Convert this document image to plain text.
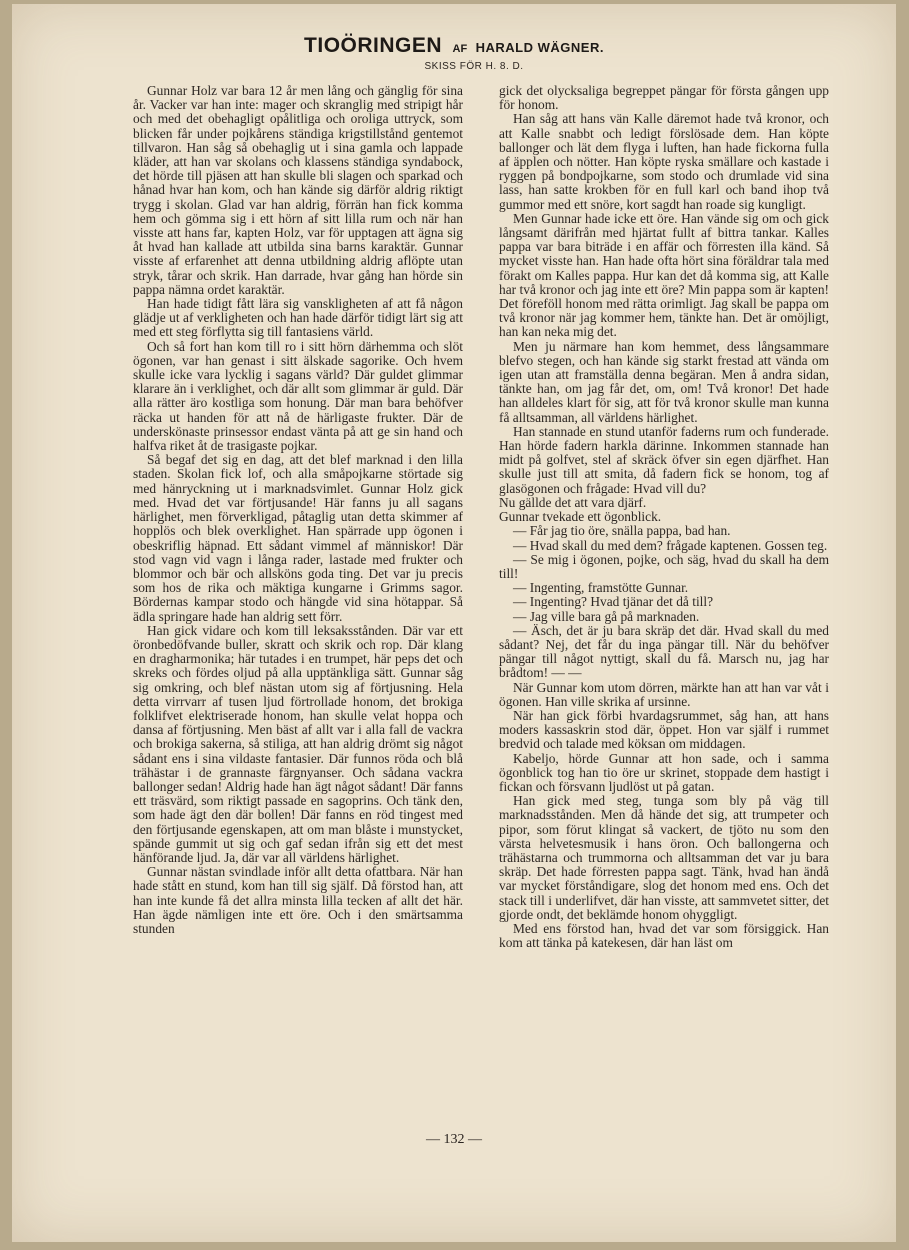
TIOÖRINGEN AF HARALD WÄGNER.
SKISS FÖR H. 8. D.

Gunnar Holz var bara 12 år men lång och gänglig för sina år. Vacker var han inte: mager och skranglig med stripigt hår och med det obehagligt opålitliga och oroliga uttryck, som blicken får under pojkårens ständiga krigstillstånd gentemot tillvaron. Han såg så obehaglig ut i sina gamla och lappade kläder, att han var skolans och klassens ständiga syndabock, det hörde till pjäsen att han skulle bli slagen och sparkad och hånad hvar han kom, och han kände sig därför aldrig riktigt trygg i skolan. Glad var han aldrig, förrän han fick komma hem och gömma sig i ett hörn af sitt lilla rum och när han visste att hans far, kapten Holz, var för upptagen att ägna sig åt hvad han kallade att utbilda sina barns karaktär. Gunnar visste af erfarenhet att denna utbildning aldrig aflöpte utan stryk, tårar och skrik. Han darrade, hvar gång han hörde sin pappa nämna ordet karaktär.

Han hade tidigt fått lära sig vanskligheten af att få någon glädje ut af verkligheten och han hade därför tidigt lärt sig att med ett steg förflytta sig till fantasiens värld.

Och så fort han kom till ro i sitt hörn därhemma och slöt ögonen, var han genast i sitt älskade sagorike. Och hvem skulle icke vara lycklig i sagans värld? Där guldet glimmar klarare än i verklighet, och där allt som glimmar är guld. Där alla rätter äro kostliga som honung. Där man bara behöfver räcka ut handen för att nå de härligaste frukter. Där de underskönaste prinsessor endast vänta på att ge sin hand och halfva riket åt de trasigaste pojkar.

Så begaf det sig en dag, att det blef marknad i den lilla staden. Skolan fick lof, och alla småpojkarne störtade sig med hänryckning ut i marknadsvimlet. Gunnar Holz gick med. Hvad det var förtjusande! Här fanns ju all sagans härlighet, men förverkligad, påtaglig utan detta skimmer af hopplös och blek overklighet. Han spärrade upp ögonen i obeskriflig häpnad. Ett sådant vimmel af människor! Där stod vagn vid vagn i långa rader, lastade med frukter och blommor och bär och allsköns goda ting. Det var ju precis som hos de rika och mäktiga kungarne i Grimms sagor. Bördernas kampar stodo och hängde vid sina hötappar. Så ädla springare hade han aldrig sett förr.

Han gick vidare och kom till leksaksstånden. Där var ett öronbedöfvande buller, skratt och skrik och rop. Där klang en dragharmonika; här tutades i en trumpet, här peps det och skreks och fördes oljud på alla upptänkliga sätt. Gunnar såg sig omkring, och blef nästan utom sig af förtjusning. Hela detta virrvarr af tusen ljud förtrollade honom, det brokiga folklifvet elektriserade honom, han skulle velat hoppa och dansa af förtjusning. Men bäst af allt var i alla fall de vackra och brokiga sakerna, så stiliga, att han aldrig drömt sig något sådant ens i sina vildaste fantasier. Där funnos röda och blå trähästar i de grannaste färgnyanser. Och sådana vackra ballonger sedan! Aldrig hade han ägt något sådant! Där fanns ett träsvärd, som riktigt passade en sagoprins. Och tänk den, som hade ägt den där bollen! Där fanns en röd tingest med den förtjusande egenskapen, att om man blåste i munstycket, spände gummit ut sig och gaf sedan ifrån sig ett det mest hänförande ljud. Ja, där var all världens härlighet.

Gunnar nästan svindlade inför allt detta ofattbara. När han hade stått en stund, kom han till sig själf. Då förstod han, att han inte kunde få det allra minsta lilla tecken af allt det här. Han ägde nämligen inte ett öre. Och i den smärtsamma stunden

gick det olycksaliga begreppet pängar för första gången upp för honom.

Han såg att hans vän Kalle däremot hade två kronor, och att Kalle snabbt och ledigt förslösade dem. Han köpte ballonger och lät dem flyga i luften, han hade fickorna fulla af äpplen och nötter. Han köpte ryska smällare och kastade i ryggen på bondpojkarne, som stodo och drumlade vid sina lass, han satte krokben för en full karl och band ihop två gummor med ett snöre, kort sagdt han roade sig kungligt.

Men Gunnar hade icke ett öre. Han vände sig om och gick långsamt därifrån med hjärtat fullt af bittra tankar. Kalles pappa var bara biträde i en affär och förresten illa känd. Så mycket visste han. Han hade ofta hört sina föräldrar tala med förakt om Kalles pappa. Hur kan det då komma sig, att Kalle har två kronor och jag inte ett öre? Min pappa som är kapten! Det föreföll honom med rätta orimligt. Jag skall be pappa om två kronor när jag kommer hem, tänkte han. Det är omöjligt, han kan neka mig det.

Men ju närmare han kom hemmet, dess långsammare blefvo stegen, och han kände sig starkt frestad att vända om igen utan att framställa denna begäran. Men å andra sidan, tänkte han, om jag får det, om, om! Två kronor! Det hade han alldeles klart för sig, att för två kronor skulle man kunna få alltsamman, all världens härlighet.

Han stannade en stund utanför faderns rum och funderade. Han hörde fadern harkla därinne. Inkommen stannade han midt på golfvet, stel af skräck öfver sin egen djärfhet. Han skulle just till att smita, då fadern fick se honom, tog af glasögonen och frågade: Hvad vill du?

Nu gällde det att vara djärf.

Gunnar tvekade ett ögonblick.

— Får jag tio öre, snälla pappa, bad han.

— Hvad skall du med dem? frågade kaptenen. Gossen teg.

— Se mig i ögonen, pojke, och säg, hvad du skall ha dem till!

— Ingenting, framstötte Gunnar.

— Ingenting? Hvad tjänar det då till?

— Jag ville bara gå på marknaden.

— Äsch, det är ju bara skräp det där. Hvad skall du med sådant? Nej, det får du inga pängar till. När du behöfver pängar till något nyttigt, skall du få. Marsch nu, jag har brådtom! — —

När Gunnar kom utom dörren, märkte han att han var våt i ögonen. Han ville skrika af ursinne.

När han gick förbi hvardagsrummet, såg han, att hans moders kassaskrin stod där, öppet. Hon var själf i rummet bredvid och talade med köksan om middagen.

Kabeljo, hörde Gunnar att hon sade, och i samma ögonblick tog han tio öre ur skrinet, stoppade dem hastigt i fickan och försvann ljudlöst ut på gatan.

Han gick med steg, tunga som bly på väg till marknadsstånden. Men då hände det sig, att trumpeter och pipor, som förut klingat så vackert, de tjöto nu som den värsta helvetesmusik i hans öron. Och ballongerna och trähästarna och trummorna och alltsamman det var ju bara skräp. Det hade förresten pappa sagt. Tänk, hvad han ändå var mycket förståndigare, slog det honom med ens. Och det stack till i underlifvet, där han visste, att sammvetet sitter, det gjorde ondt, det beklämde honom ohyggligt.

Med ens förstod han, hvad det var som försiggick. Han kom att tänka på katekesen, där han läst om

— 132 —
